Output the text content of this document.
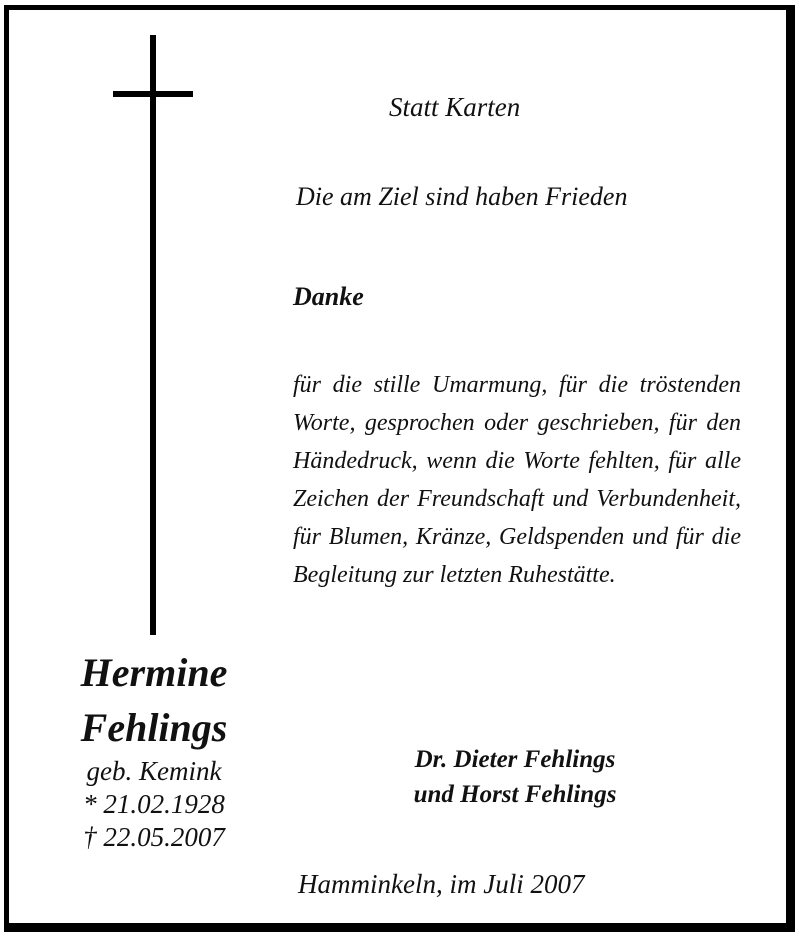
Statt Karten
Die am Ziel sind haben Frieden
Danke
für die stille Umarmung, für die tröstenden Worte, gesprochen oder geschrieben, für den Händedruck, wenn die Worte fehlten, für alle Zeichen der Freundschaft und Verbundenheit, für Blumen, Kränze, Geldspenden und für die Begleitung zur letzten Ruhestätte.

Hermine

Fehlings

geb. Kemink

* 21.02.1928

† 22.05.2007

Dr. Dieter Fehlings
und Horst Fehlings
Hamminkeln, im Juli 2007
